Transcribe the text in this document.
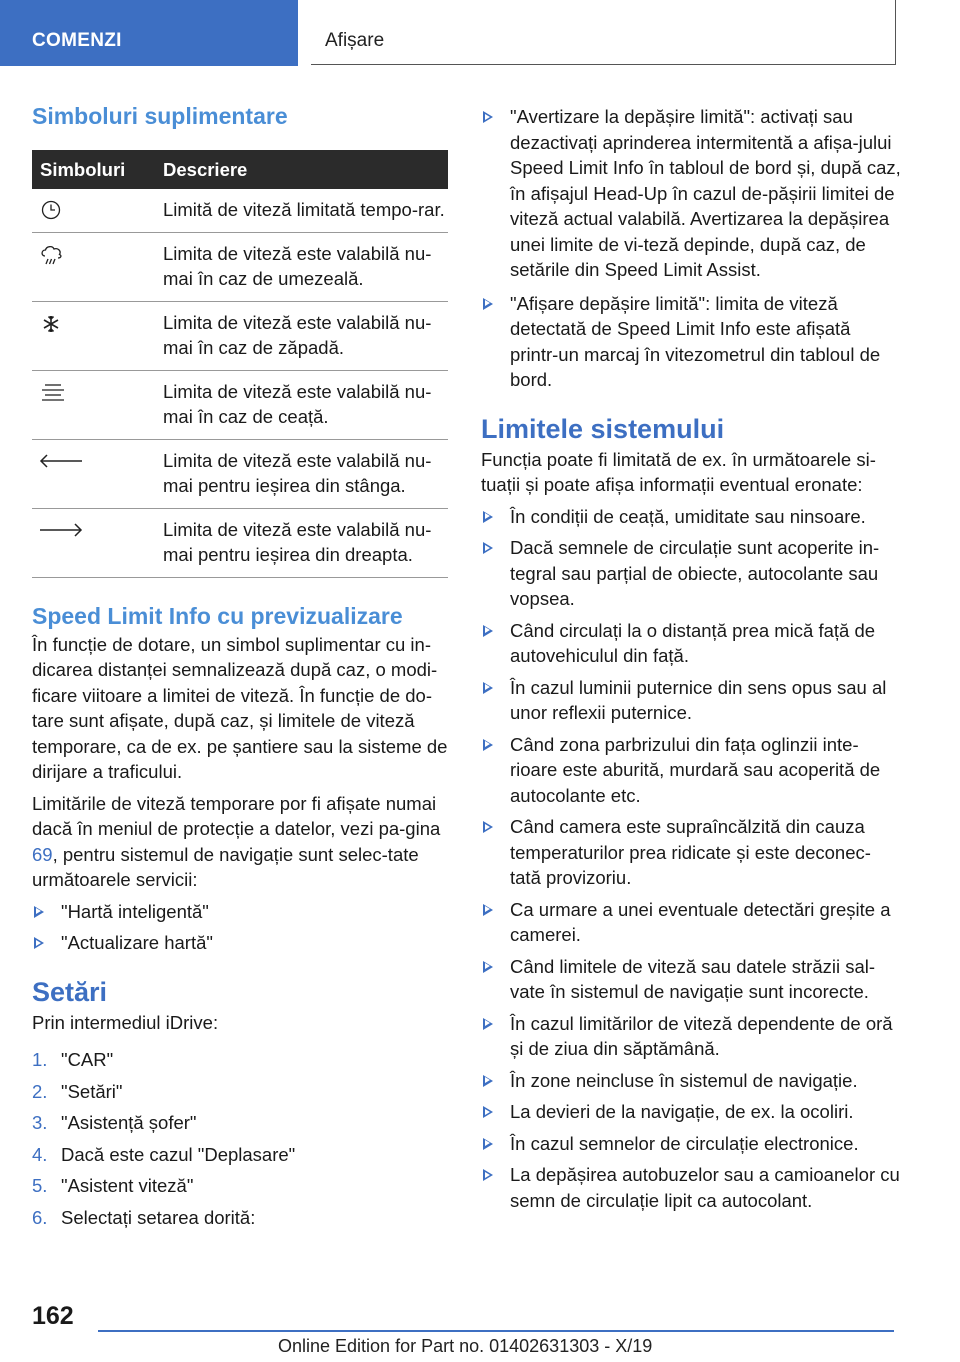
COMENZI	Afișare
Simboluri suplimentare
Simboluri	Descriere

	Limită de viteză limitată tempo-rar.

	Limita de viteză este valabilă nu-mai în caz de umezeală.

	Limita de viteză este valabilă nu-mai în caz de zăpadă.

	Limita de viteză este valabilă nu-mai în caz de ceață.

	Limita de viteză este valabilă nu-mai pentru ieșirea din stânga.

	Limita de viteză este valabilă nu-mai pentru ieșirea din dreapta.
Speed Limit Info cu previzualizare

În funcție de dotare, un simbol suplimentar cu in-dicarea distanței semnalizează după caz, o modi-ficare viitoare a limitei de viteză. În funcție de do-tare sunt afișate, după caz, și limitele de viteză temporare, ca de ex. pe șantiere sau la sisteme de dirijare a traficului.

Limitările de viteză temporare por fi afișate numai dacă în meniul de protecție a datelor, vezi pa-gina 69, pentru sistemul de navigație sunt selec-tate următoarele servicii:

"Hartă inteligentă"
"Actualizare hartă"
Setări

Prin intermediul iDrive:

1. "CAR"
2. "Setări"
3. "Asistență șofer"
4. Dacă este cazul "Deplasare"
5. "Asistent viteză"
6. Selectați setarea dorită:
"Avertizare la depășire limită": activați sau dezactivați aprinderea intermitentă a afișa-jului Speed Limit Info în tabloul de bord și, după caz, în afișajul Head-Up în cazul de-pășirii limitei de viteză actual valabilă. Avertizarea la depășirea unei limite de vi-teză depinde, după caz, de setările din Speed Limit Assist.
"Afișare depășire limită": limita de viteză detectată de Speed Limit Info este afișată printr-un marcaj în vitezometrul din tabloul de bord.
Limitele sistemului

Funcția poate fi limitată de ex. în următoarele si-tuații și poate afișa informații eventual eronate:

În condiții de ceață, umiditate sau ninsoare.
Dacă semnele de circulație sunt acoperite in-tegral sau parțial de obiecte, autocolante sau vopsea.
Când circulați la o distanță prea mică față de autovehiculul din față.
În cazul luminii puternice din sens opus sau al unor reflexii puternice.
Când zona parbrizului din fața oglinzii inte-rioare este aburită, murdară sau acoperită de autocolante etc.
Când camera este supraîncălzită din cauza temperaturilor prea ridicate și este deconec-tată provizoriu.
Ca urmare a unei eventuale detectări greșite a camerei.
Când limitele de viteză sau datele străzii sal-vate în sistemul de navigație sunt incorecte.
În cazul limitărilor de viteză dependente de oră și de ziua din săptămână.
În zone neincluse în sistemul de navigație.
La devieri de la navigație, de ex. la ocoliri.
În cazul semnelor de circulație electronice.
La depășirea autobuzelor sau a camioanelor cu semn de circulație lipit ca autocolant.
162
Online Edition for Part no. 01402631303 - X/19
